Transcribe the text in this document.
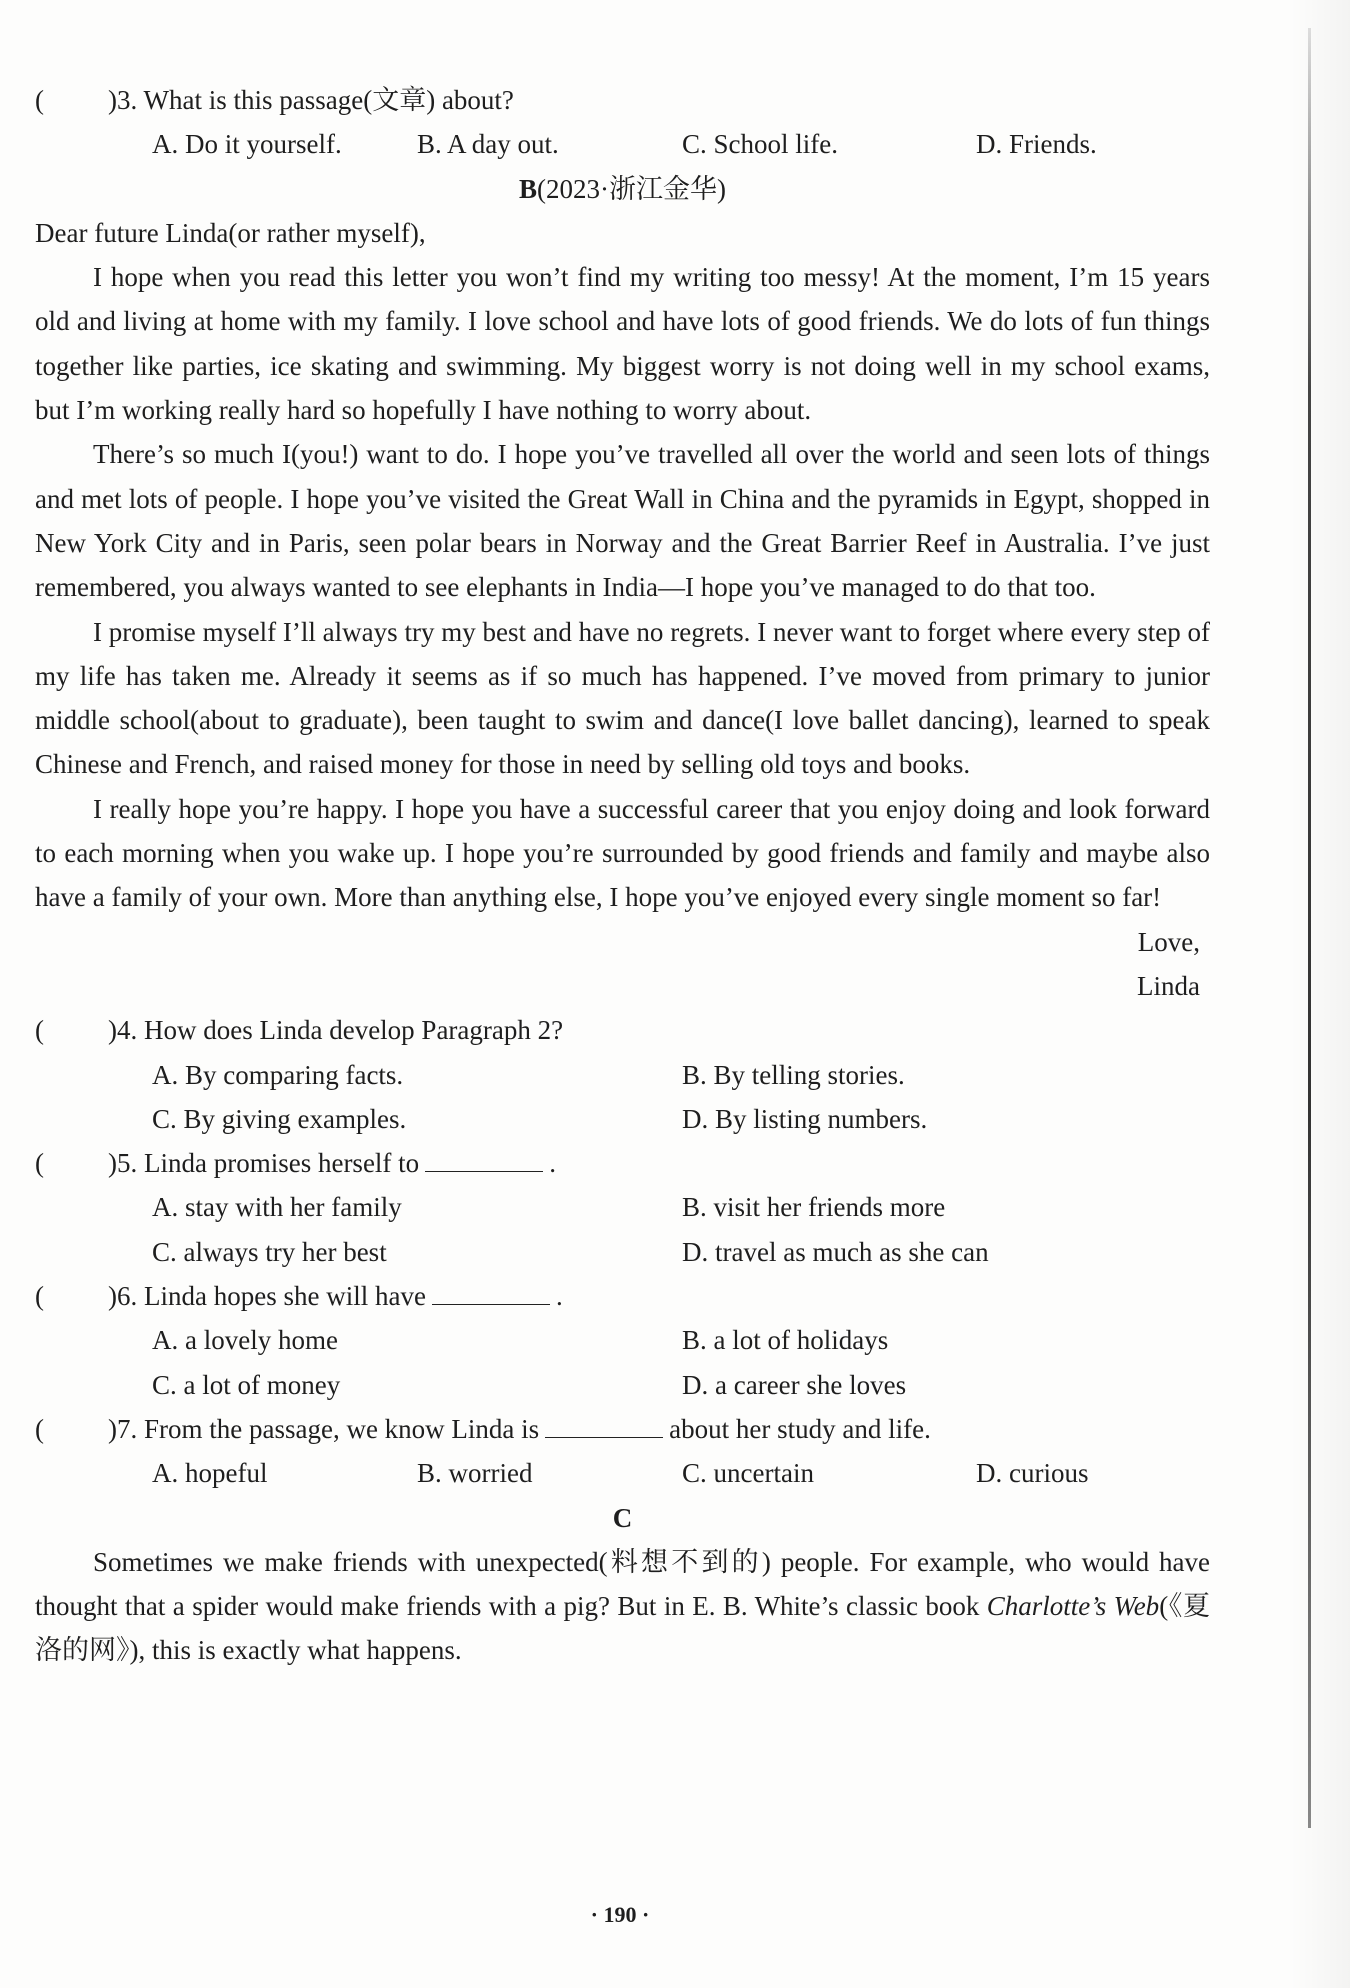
( )3. What is this passage(文章) about?
A. Do it yourself.	B. A day out.	C. School life.	D. Friends.
B(2023·浙江金华)
Dear future Linda(or rather myself),
I hope when you read this letter you won’t find my writing too messy! At the moment, I’m 15 years old and living at home with my family. I love school and have lots of good friends. We do lots of fun things together like parties, ice skating and swimming. My biggest worry is not doing well in my school exams, but I’m working really hard so hopefully I have nothing to worry about.
There’s so much I(you!) want to do. I hope you’ve travelled all over the world and seen lots of things and met lots of people. I hope you’ve visited the Great Wall in China and the pyramids in Egypt, shopped in New York City and in Paris, seen polar bears in Norway and the Great Barrier Reef in Australia. I’ve just remembered, you always wanted to see elephants in India—I hope you’ve managed to do that too.
I promise myself I’ll always try my best and have no regrets. I never want to forget where every step of my life has taken me. Already it seems as if so much has happened. I’ve moved from primary to junior middle school(about to graduate), been taught to swim and dance(I love ballet dancing), learned to speak Chinese and French, and raised money for those in need by selling old toys and books.
I really hope you’re happy. I hope you have a successful career that you enjoy doing and look forward to each morning when you wake up. I hope you’re surrounded by good friends and family and maybe also have a family of your own. More than anything else, I hope you’ve enjoyed every single moment so far!
Love,
Linda
( )4. How does Linda develop Paragraph 2?
A. By comparing facts.	B. By telling stories.
C. By giving examples.	D. By listing numbers.
( )5. Linda promises herself to	.
A. stay with her family	B. visit her friends more
C. always try her best	D. travel as much as she can
( )6. Linda hopes she will have	.
A. a lovely home	B. a lot of holidays
C. a lot of money	D. a career she loves
( )7. From the passage, we know Linda is	about her study and life.
A. hopeful	B. worried	C. uncertain	D. curious
C
Sometimes we make friends with unexpected(料想不到的) people. For example, who would have thought that a spider would make friends with a pig? But in E. B. White’s classic book Charlotte’s Web(《夏洛的网》), this is exactly what happens.
· 190 ·
